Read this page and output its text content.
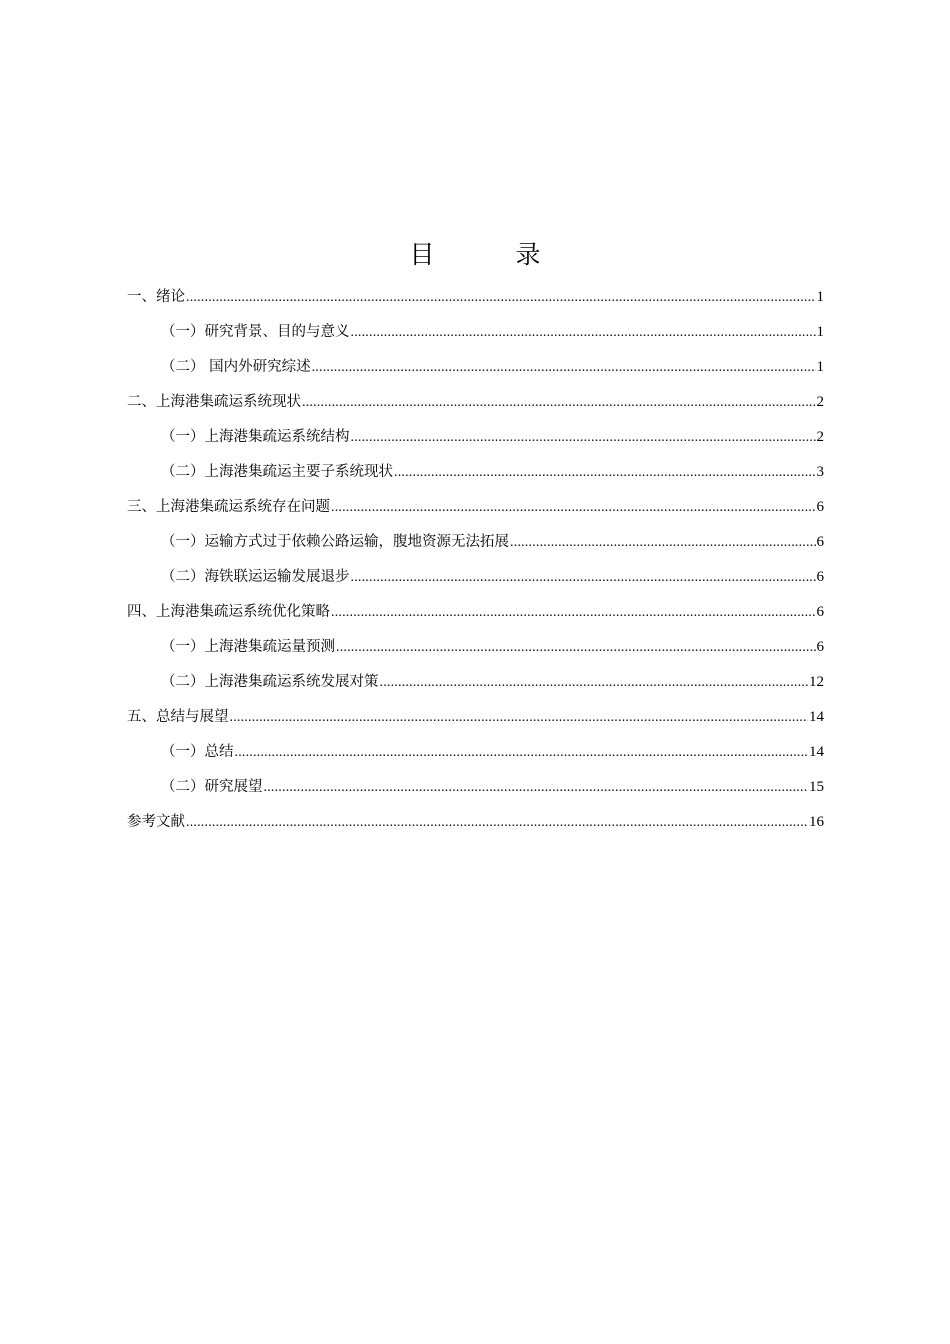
目　录
一、绪论 .....	1
（一）研究背景、目的与意义 .....	1
（二） 国内外研究综述 .....	1
二、上海港集疏运系统现状 .....	2
（一）上海港集疏运系统结构 .....	2
（二）上海港集疏运主要子系统现状 .....	3
三、上海港集疏运系统存在问题 .....	6
（一）运输方式过于依赖公路运输，腹地资源无法拓展 .....	6
（二）海铁联运运输发展退步 .....	6
四、上海港集疏运系统优化策略 .....	6
（一）上海港集疏运量预测 .....	6
（二）上海港集疏运系统发展对策 .....	12
五、总结与展望 .....	14
（一）总结 .....	14
（二）研究展望 .....	15
参考文献 .....	16
